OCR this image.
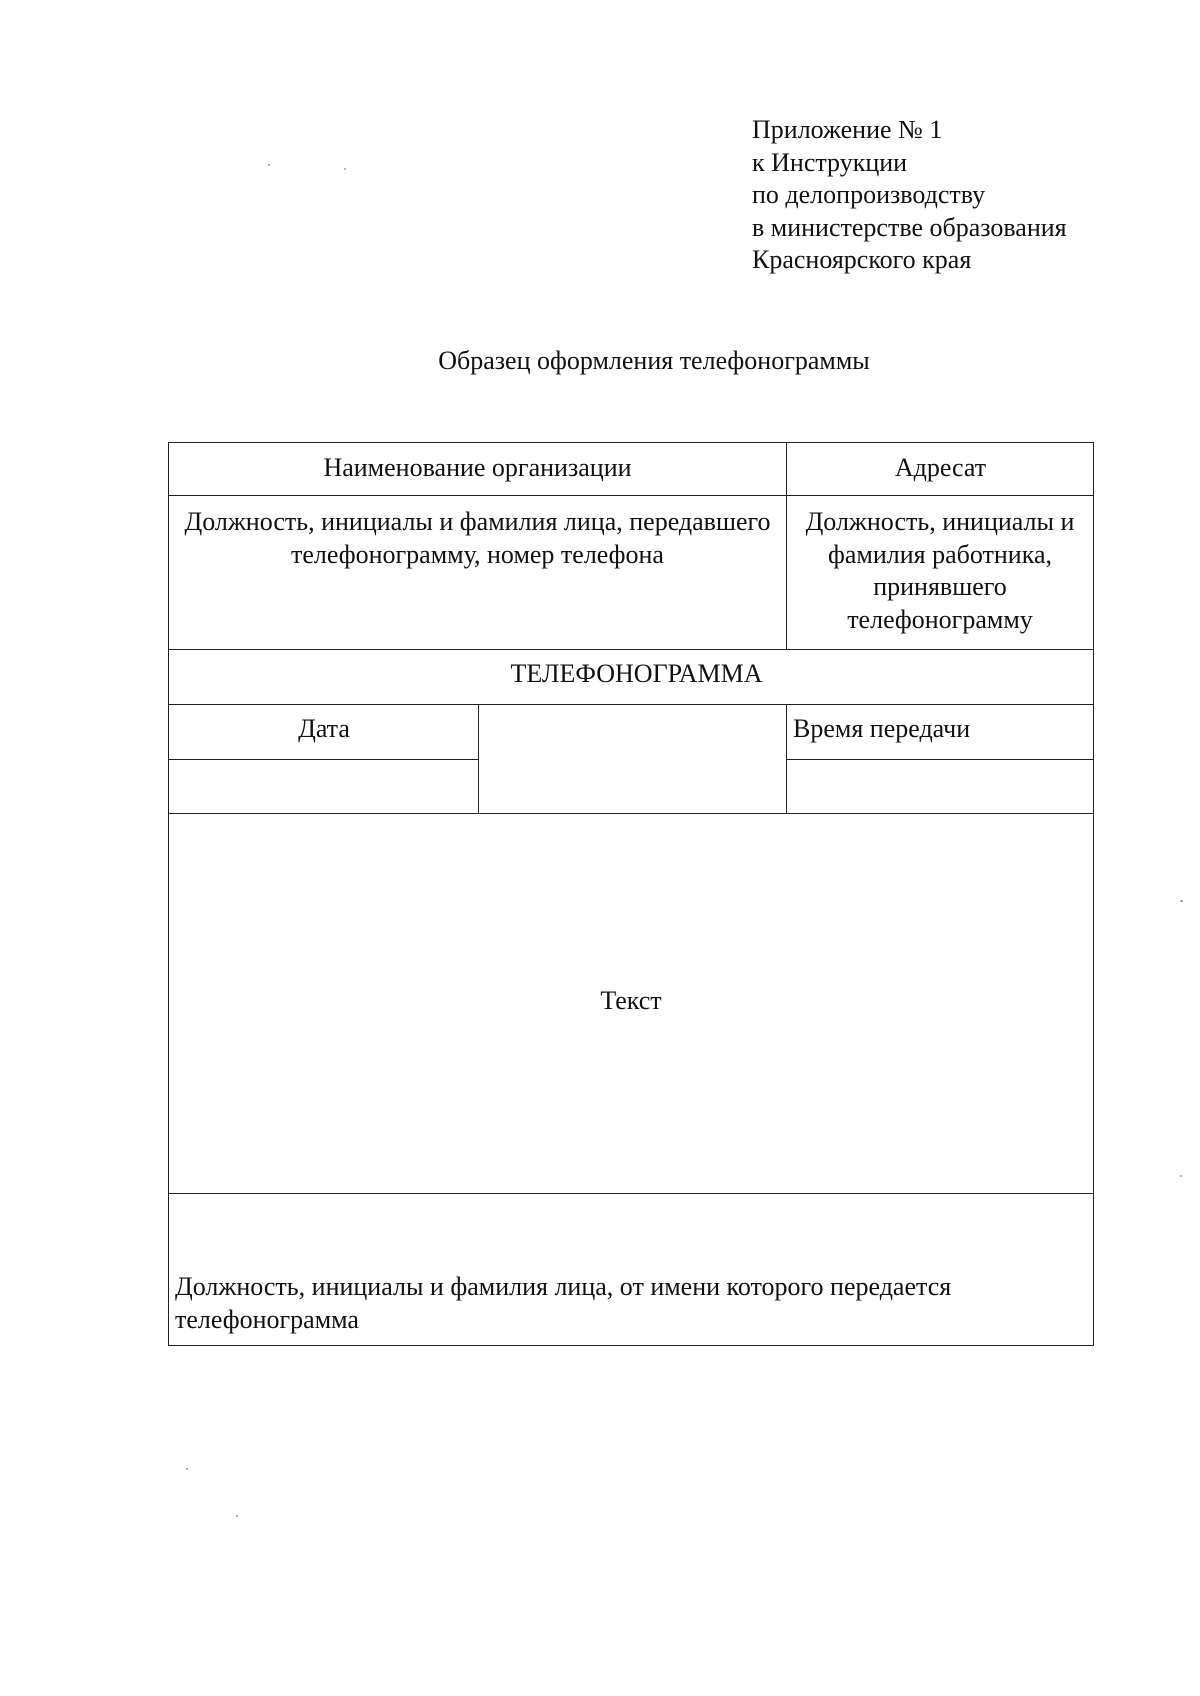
Приложение № 1
к Инструкции
по делопроизводству
в министерстве образования
Красноярского края
Образец оформления телефонограммы
Наименование организации	Адресат
Должность, инициалы и фамилия лица, передавшего телефонограмму, номер телефона
Должность, инициалы и фамилия работника, принявшего телефонограмму
ТЕЛЕФОНОГРАММА
Дата	Время передачи
Текст
Должность, инициалы и фамилия лица, от имени которого передается телефонограмма
